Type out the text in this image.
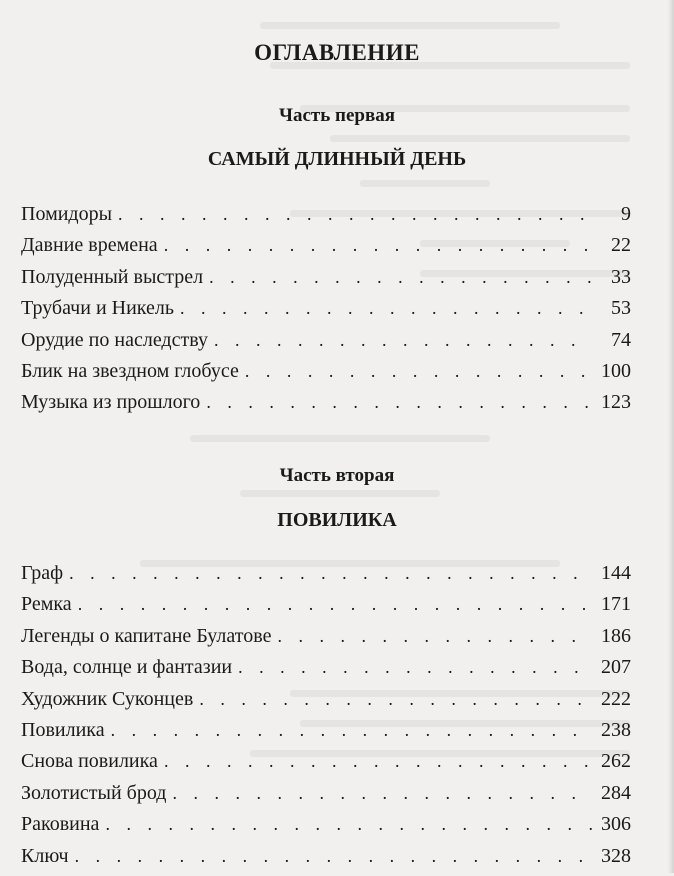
ОГЛАВЛЕНИЕ
Часть первая
САМЫЙ ДЛИННЫЙ ДЕНЬ
Помидоры . . .	9
Давние времена . . .	22
Полуденный выстрел . . .	33
Трубачи и Никель . . .	53
Орудие по наследству . . .	74
Блик на звездном глобусе . . .	100
Музыка из прошлого . . .	123
Часть вторая
ПОВИЛИКА
Граф . . .	144
Ремка . . .	171
Легенды о капитане Булатове . . .	186
Вода, солнце и фантазии . . .	207
Художник Суконцев . . .	222
Повилика . . .	238
Снова повилика . . .	262
Золотистый брод . . .	284
Раковина . . .	306
Ключ . . .	328
